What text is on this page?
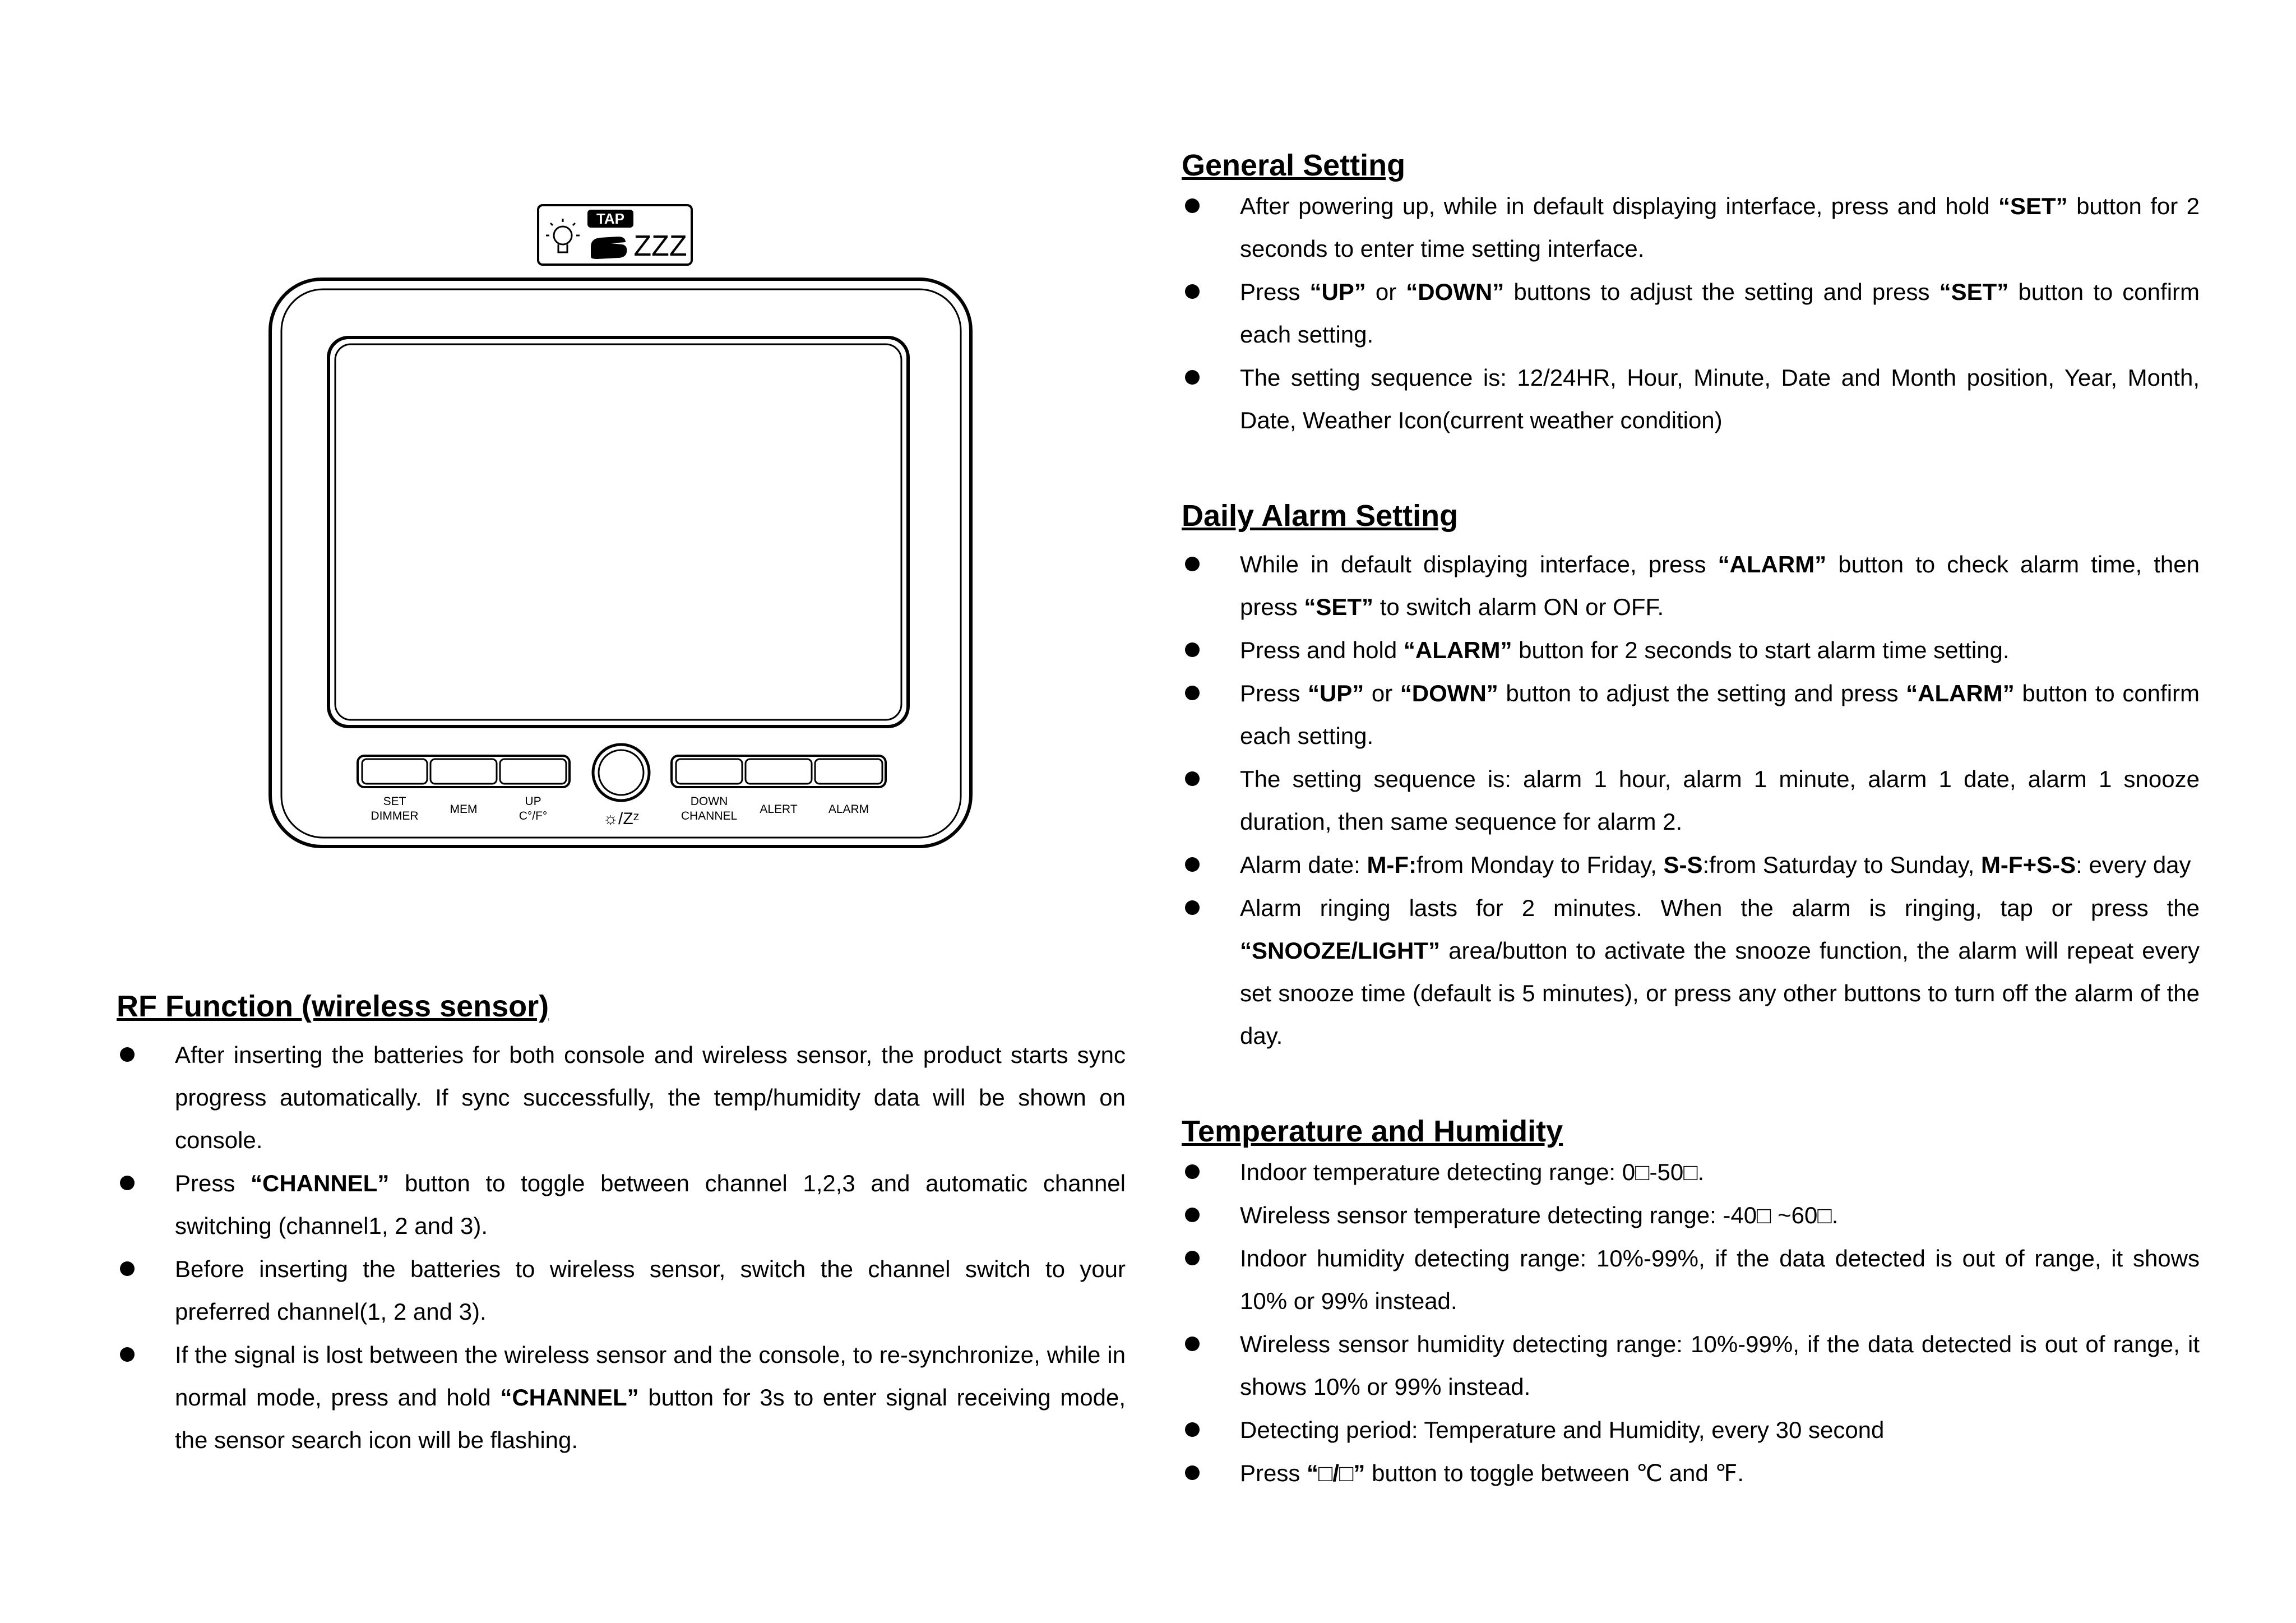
TAP
ZZZ
SET
DIMMER
MEM
UP
C°/F°	☼/Zᶻ
DOWN
CHANNEL
ALERT	ALARM
RF Function (wireless sensor)
After inserting the batteries for both console and wireless sensor, the product starts sync progress automatically. If sync successfully, the temp/humidity data will be shown on console.
Press “CHANNEL” button to toggle between channel 1,2,3 and automatic channel switching (channel1, 2 and 3).
Before inserting the batteries to wireless sensor, switch the channel switch to your preferred channel(1, 2 and 3).
If the signal is lost between the wireless sensor and the console, to re-synchronize, while in normal mode, press and hold “CHANNEL” button for 3s to enter signal receiving mode, the sensor search icon will be flashing.
General Setting
After powering up, while in default displaying interface, press and hold “SET” button for 2 seconds to enter time setting interface.
Press “UP” or “DOWN” buttons to adjust the setting and press “SET” button to confirm each setting.
The setting sequence is: 12/24HR, Hour, Minute, Date and Month position, Year, Month, Date, Weather Icon(current weather condition)
Daily Alarm Setting
While in default displaying interface, press “ALARM” button to check alarm time, then press “SET” to switch alarm ON or OFF.
Press and hold “ALARM” button for 2 seconds to start alarm time setting.
Press “UP” or “DOWN” button to adjust the setting and press “ALARM” button to confirm each setting.
The setting sequence is: alarm 1 hour, alarm 1 minute, alarm 1 date, alarm 1 snooze duration, then same sequence for alarm 2.
Alarm date: M-F:from Monday to Friday, S-S:from Saturday to Sunday, M-F+S-S: every day
Alarm ringing lasts for 2 minutes. When the alarm is ringing, tap or press the “SNOOZE/LIGHT” area/button to activate the snooze function, the alarm will repeat every set snooze time (default is 5 minutes), or press any other buttons to turn off the alarm of the day.
Temperature and Humidity
Indoor temperature detecting range: 0□-50□.
Wireless sensor temperature detecting range: -40□ ~60□.
Indoor humidity detecting range: 10%-99%, if the data detected is out of range, it shows 10% or 99% instead.
Wireless sensor humidity detecting range: 10%-99%, if the data detected is out of range, it shows 10% or 99% instead.
Detecting period: Temperature and Humidity, every 30 second
Press “□/□” button to toggle between ℃ and ℉.
